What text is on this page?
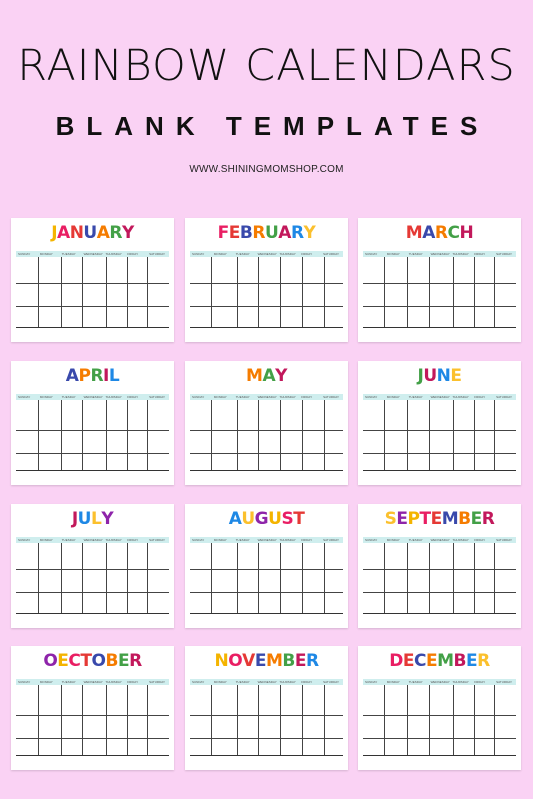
RAINBOW CALENDARS
BLANK TEMPLATES
WWW.SHININGMOMSHOP.COM
JANUARY
SUNDAY	MONDAY	TUESDAY	WEDNESDAY THURSDAY	FRIDAY	SATURDAY
FEBRUARY
SUNDAY	MONDAY	TUESDAY	WEDNESDAY THURSDAY	FRIDAY	SATURDAY
MARCH
SUNDAY	MONDAY	TUESDAY	WEDNESDAY THURSDAY	FRIDAY	SATURDAY
APRIL
SUNDAY	MONDAY	TUESDAY	WEDNESDAY THURSDAY	FRIDAY	SATURDAY
MAY
SUNDAY	MONDAY	TUESDAY	WEDNESDAY THURSDAY	FRIDAY	SATURDAY
JUNE
SUNDAY	MONDAY	TUESDAY	WEDNESDAY THURSDAY	FRIDAY	SATURDAY
JULY
SUNDAY	MONDAY	TUESDAY	WEDNESDAY THURSDAY	FRIDAY	SATURDAY
AUGUST
SUNDAY	MONDAY	TUESDAY	WEDNESDAY THURSDAY	FRIDAY	SATURDAY
SEPTEMBER
SUNDAY	MONDAY	TUESDAY	WEDNESDAY THURSDAY	FRIDAY	SATURDAY
OECTOBER
SUNDAY	MONDAY	TUESDAY	WEDNESDAY THURSDAY	FRIDAY	SATURDAY
NOVEMBER
SUNDAY	MONDAY	TUESDAY	WEDNESDAY THURSDAY	FRIDAY	SATURDAY
DECEMBER
SUNDAY	MONDAY	TUESDAY	WEDNESDAY THURSDAY	FRIDAY	SATURDAY
